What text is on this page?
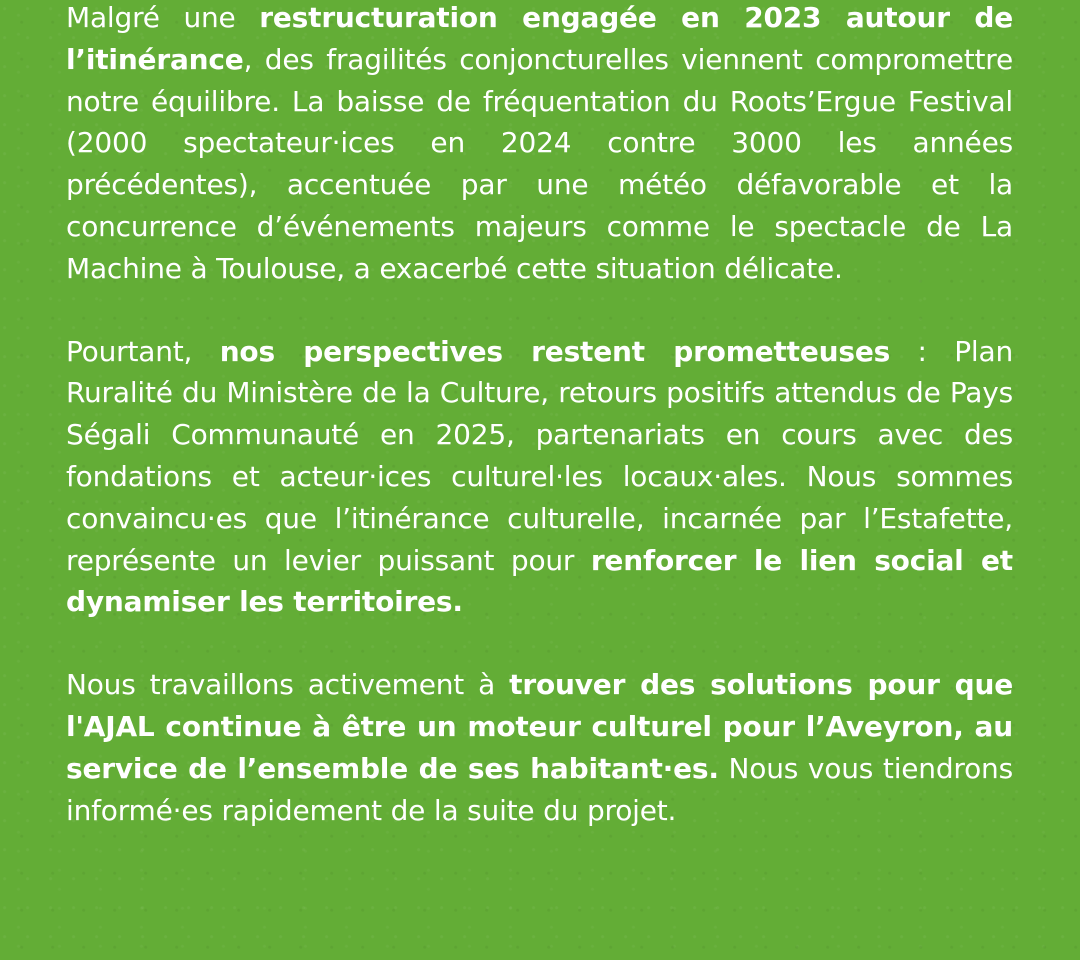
Malgré une restructuration engagée en 2023 autour de l’itinérance, des fragilités conjoncturelles viennent compromettre notre équilibre. La baisse de fréquentation du Roots’Ergue Festival (2000 spectateur·ices en 2024 contre 3000 les années précédentes), accentuée par une météo défavorable et la concurrence d’événements majeurs comme le spectacle de La Machine à Toulouse, a exacerbé cette situation délicate.

Pourtant, nos perspectives restent prometteuses : Plan Ruralité du Ministère de la Culture, retours positifs attendus de Pays Ségali Communauté en 2025, partenariats en cours avec des fondations et acteur·ices culturel·les locaux·ales. Nous sommes convaincu·es que l’itinérance culturelle, incarnée par l’Estafette, représente un levier puissant pour renforcer le lien social et dynamiser les territoires.

Nous travaillons activement à trouver des solutions pour que l'AJAL continue à être un moteur culturel pour l’Aveyron, au service de l’ensemble de ses habitant·es. Nous vous tiendrons informé·es rapidement de la suite du projet.
